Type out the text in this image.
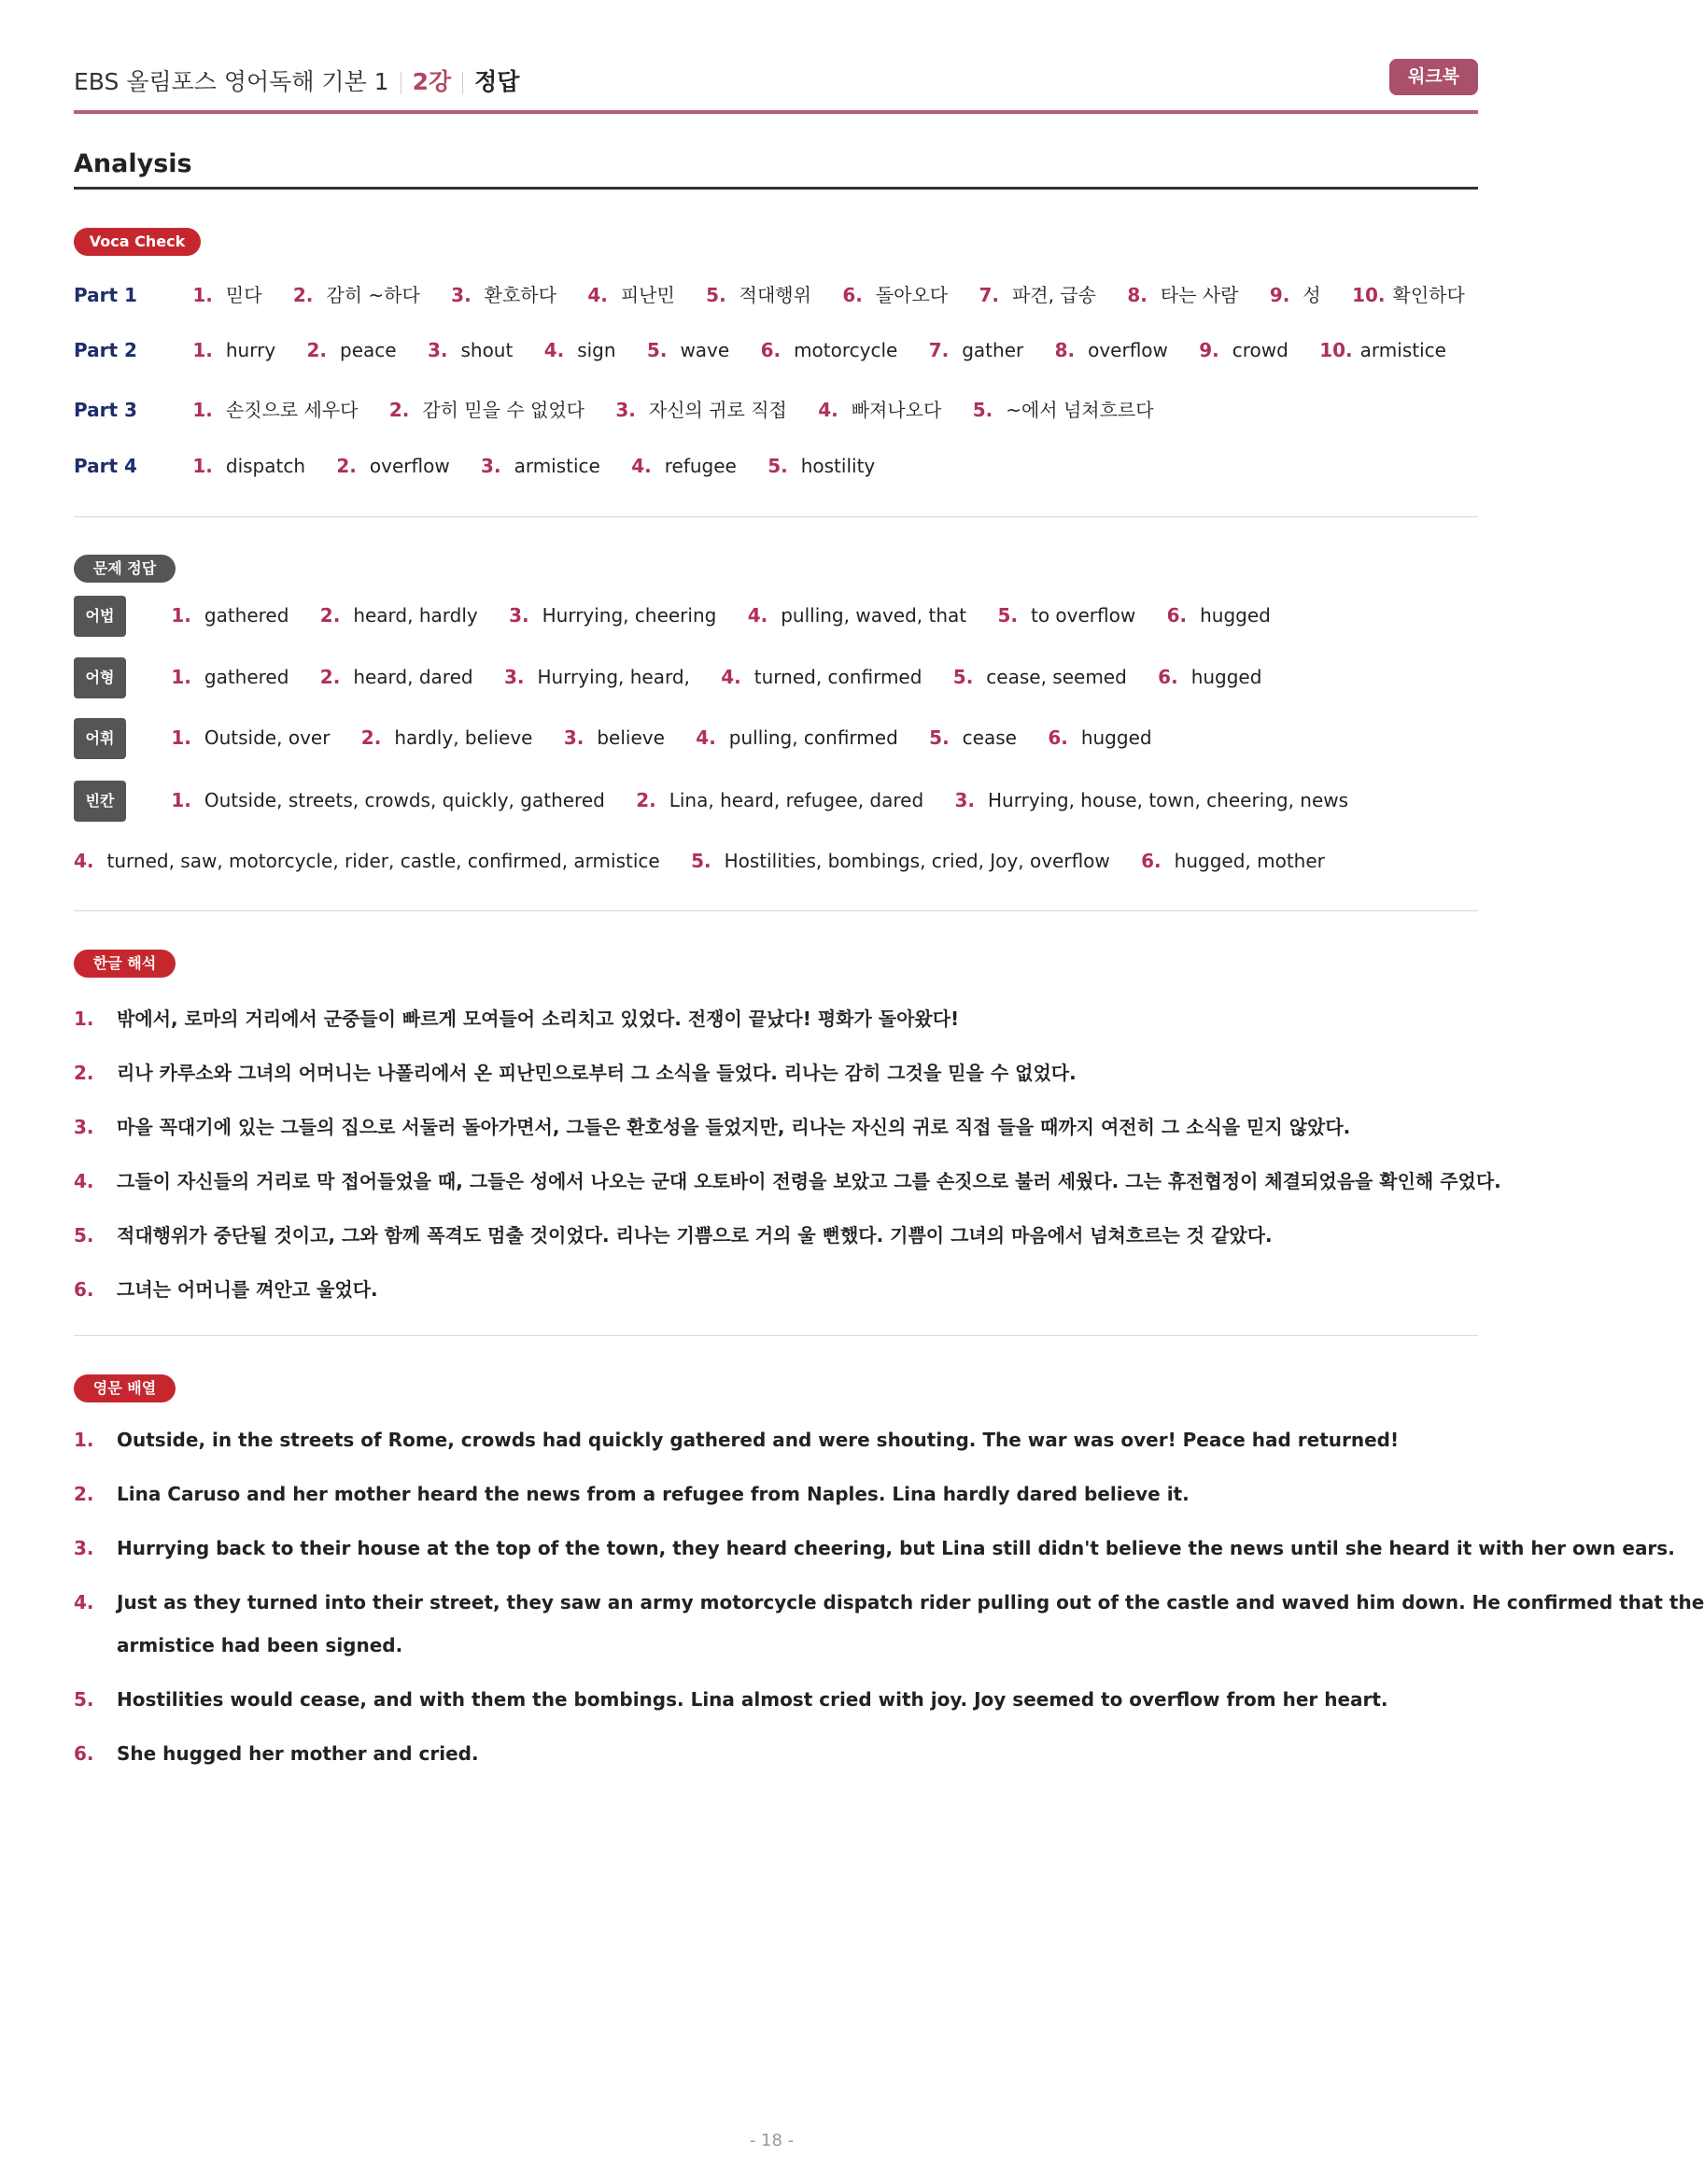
EBS 올림포스 영어독해 기본 1 2강 정답	워크북
Analysis
Voca Check
Part 1	1. 믿다 2. 감히 ~하다 3. 환호하다 4. 피난민 5. 적대행위 6. 돌아오다 7. 파견, 급송 8. 타는 사람 9. 성 10. 확인하다
Part 2	1. hurry 2. peace 3. shout 4. sign 5. wave 6. motorcycle 7. gather 8. overflow 9. crowd 10. armistice
Part 3	1. 손짓으로 세우다 2. 감히 믿을 수 없었다 3. 자신의 귀로 직접 4. 빠져나오다 5. ~에서 넘쳐흐르다
Part 4	1. dispatch 2. overflow 3. armistice 4. refugee 5. hostility
문제 정답
어법	1. gathered 2. heard, hardly 3. Hurrying, cheering 4. pulling, waved, that 5. to overflow 6. hugged
어형	1. gathered 2. heard, dared 3. Hurrying, heard, 4. turned, confirmed 5. cease, seemed 6. hugged
어휘	1. Outside, over 2. hardly, believe 3. believe 4. pulling, confirmed 5. cease 6. hugged
빈칸	1. Outside, streets, crowds, quickly, gathered 2. Lina, heard, refugee, dared 3. Hurrying, house, town, cheering, news
4. turned, saw, motorcycle, rider, castle, confirmed, armistice 5. Hostilities, bombings, cried, Joy, overflow 6. hugged, mother
한글 해석
1. 밖에서, 로마의 거리에서 군중들이 빠르게 모여들어 소리치고 있었다. 전쟁이 끝났다! 평화가 돌아왔다!
2. 리나 카루소와 그녀의 어머니는 나폴리에서 온 피난민으로부터 그 소식을 들었다. 리나는 감히 그것을 믿을 수 없었다.
3. 마을 꼭대기에 있는 그들의 집으로 서둘러 돌아가면서, 그들은 환호성을 들었지만, 리나는 자신의 귀로 직접 들을 때까지 여전히 그 소식을 믿지 않았다.
4. 그들이 자신들의 거리로 막 접어들었을 때, 그들은 성에서 나오는 군대 오토바이 전령을 보았고 그를 손짓으로 불러 세웠다. 그는 휴전협정이 체결되었음을 확인해 주었다.
5. 적대행위가 중단될 것이고, 그와 함께 폭격도 멈출 것이었다. 리나는 기쁨으로 거의 울 뻔했다. 기쁨이 그녀의 마음에서 넘쳐흐르는 것 같았다.
6. 그녀는 어머니를 껴안고 울었다.
영문 배열
1. Outside, in the streets of Rome, crowds had quickly gathered and were shouting. The war was over! Peace had returned!
2. Lina Caruso and her mother heard the news from a refugee from Naples. Lina hardly dared believe it.
3. Hurrying back to their house at the top of the town, they heard cheering, but Lina still didn't believe the news until she heard it with her own ears.
4. Just as they turned into their street, they saw an army motorcycle dispatch rider pulling out of the castle and waved him down. He confirmed that the
armistice had been signed.
5. Hostilities would cease, and with them the bombings. Lina almost cried with joy. Joy seemed to overflow from her heart.
6. She hugged her mother and cried.
- 18 -
